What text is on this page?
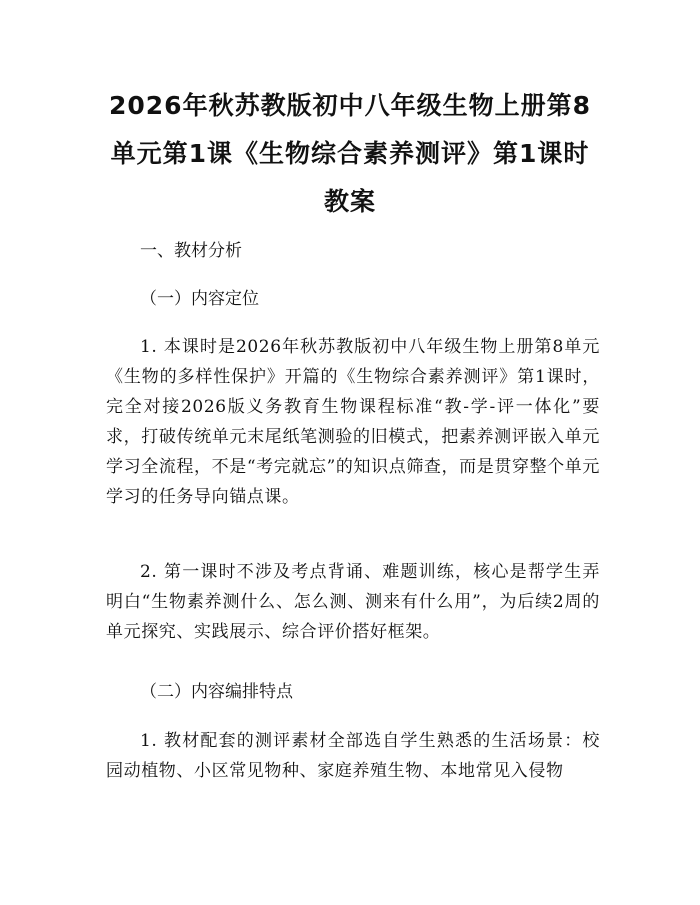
2026年秋苏教版初中八年级生物上册第8单元第1课《生物综合素养测评》第1课时教案

一、教材分析

（一）内容定位

1. 本课时是2026年秋苏教版初中八年级生物上册第8单元《生物的多样性保护》开篇的《生物综合素养测评》第1课时，完全对接2026版义务教育生物课程标准“教-学-评一体化”要求，打破传统单元末尾纸笔测验的旧模式，把素养测评嵌入单元学习全流程，不是“考完就忘”的知识点筛查，而是贯穿整个单元学习的任务导向锚点课。

2. 第一课时不涉及考点背诵、难题训练，核心是帮学生弄明白“生物素养测什么、怎么测、测来有什么用”，为后续2周的单元探究、实践展示、综合评价搭好框架。

（二）内容编排特点

1. 教材配套的测评素材全部选自学生熟悉的生活场景：校园动植物、小区常见物种、家庭养殖生物、本地常见入侵物
